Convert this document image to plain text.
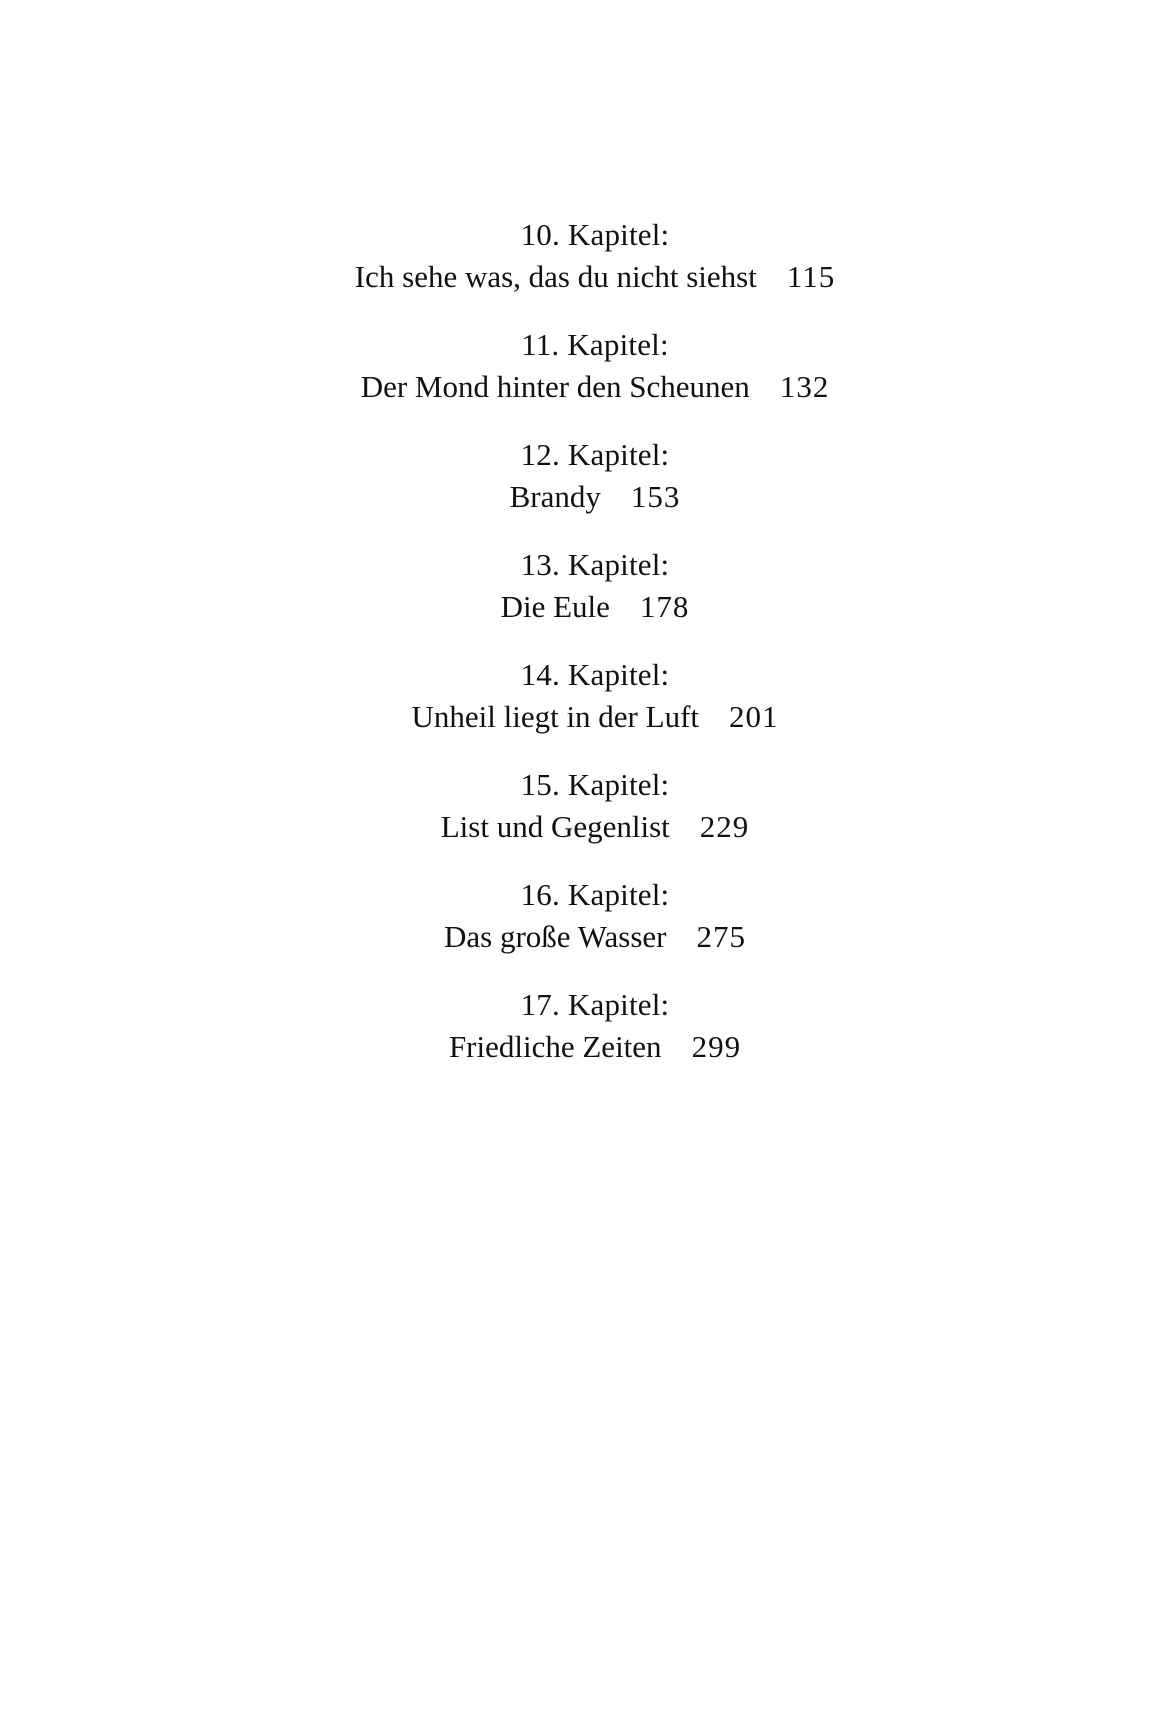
10. Kapitel:
Ich sehe was, das du nicht siehst 115
11. Kapitel:
Der Mond hinter den Scheunen 132
12. Kapitel:
Brandy 153
13. Kapitel:
Die Eule 178
14. Kapitel:
Unheil liegt in der Luft 201
15. Kapitel:
List und Gegenlist 229
16. Kapitel:
Das große Wasser 275
17. Kapitel:
Friedliche Zeiten 299
